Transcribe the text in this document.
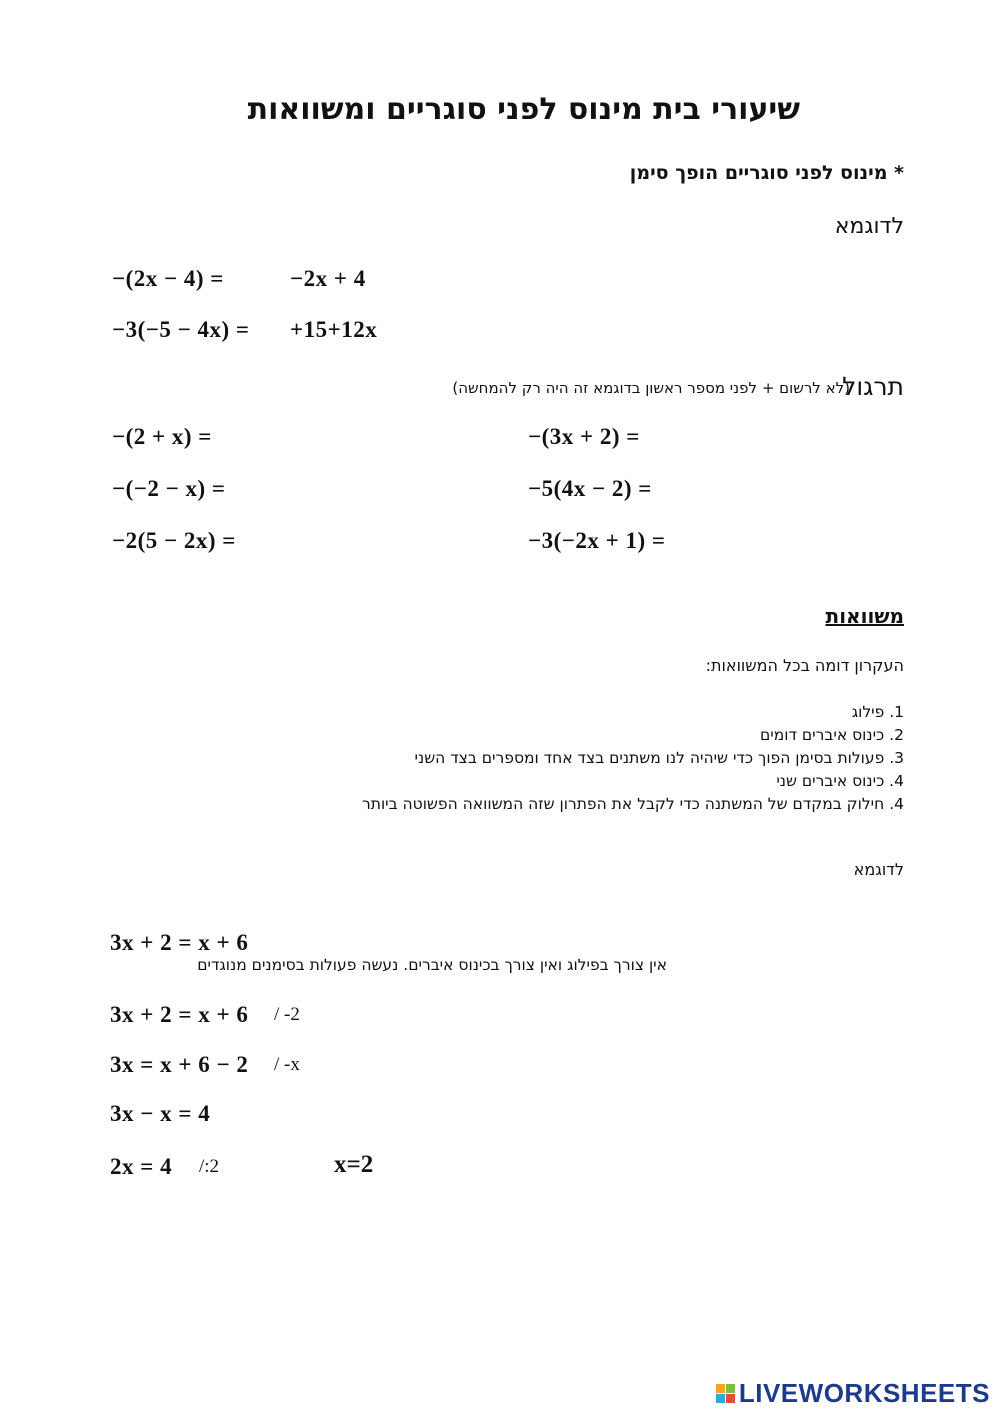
שיעורי בית מינוס לפני סוגריים ומשוואות
* מינוס לפני סוגריים הופך סימן
לדוגמא
−(2x − 4) =	−2x + 4
−3(−5 − 4x) = +15+12x
תרגול
(לא לרשום + לפני מספר ראשון בדוגמא זה היה רק להמחשה)
−(2 + x) =
−(−2 − x) =
−2(5 − 2x) =
−(3x + 2) =
−5(4x − 2) =
−3(−2x + 1) =
משוואות
העקרון דומה בכל המשוואות:
1. פילוג
2. כינוס איברים דומים
3. פעולות בסימן הפוך כדי שיהיה לנו משתנים בצד אחד ומספרים בצד השני
4. כינוס איברים שני
4. חילוק במקדם של המשתנה כדי לקבל את הפתרון שזה המשוואה הפשוטה ביותר
לדוגמא
3x + 2 = x + 6
אין צורך בפילוג ואין צורך בכינוס איברים. נעשה פעולות בסימנים מנוגדים
3x + 2 = x + 6 / -2
3x = x + 6 − 2 / -x
3x − x = 4
2x = 4 /:2	x=2
LIVEWORKSHEETS
